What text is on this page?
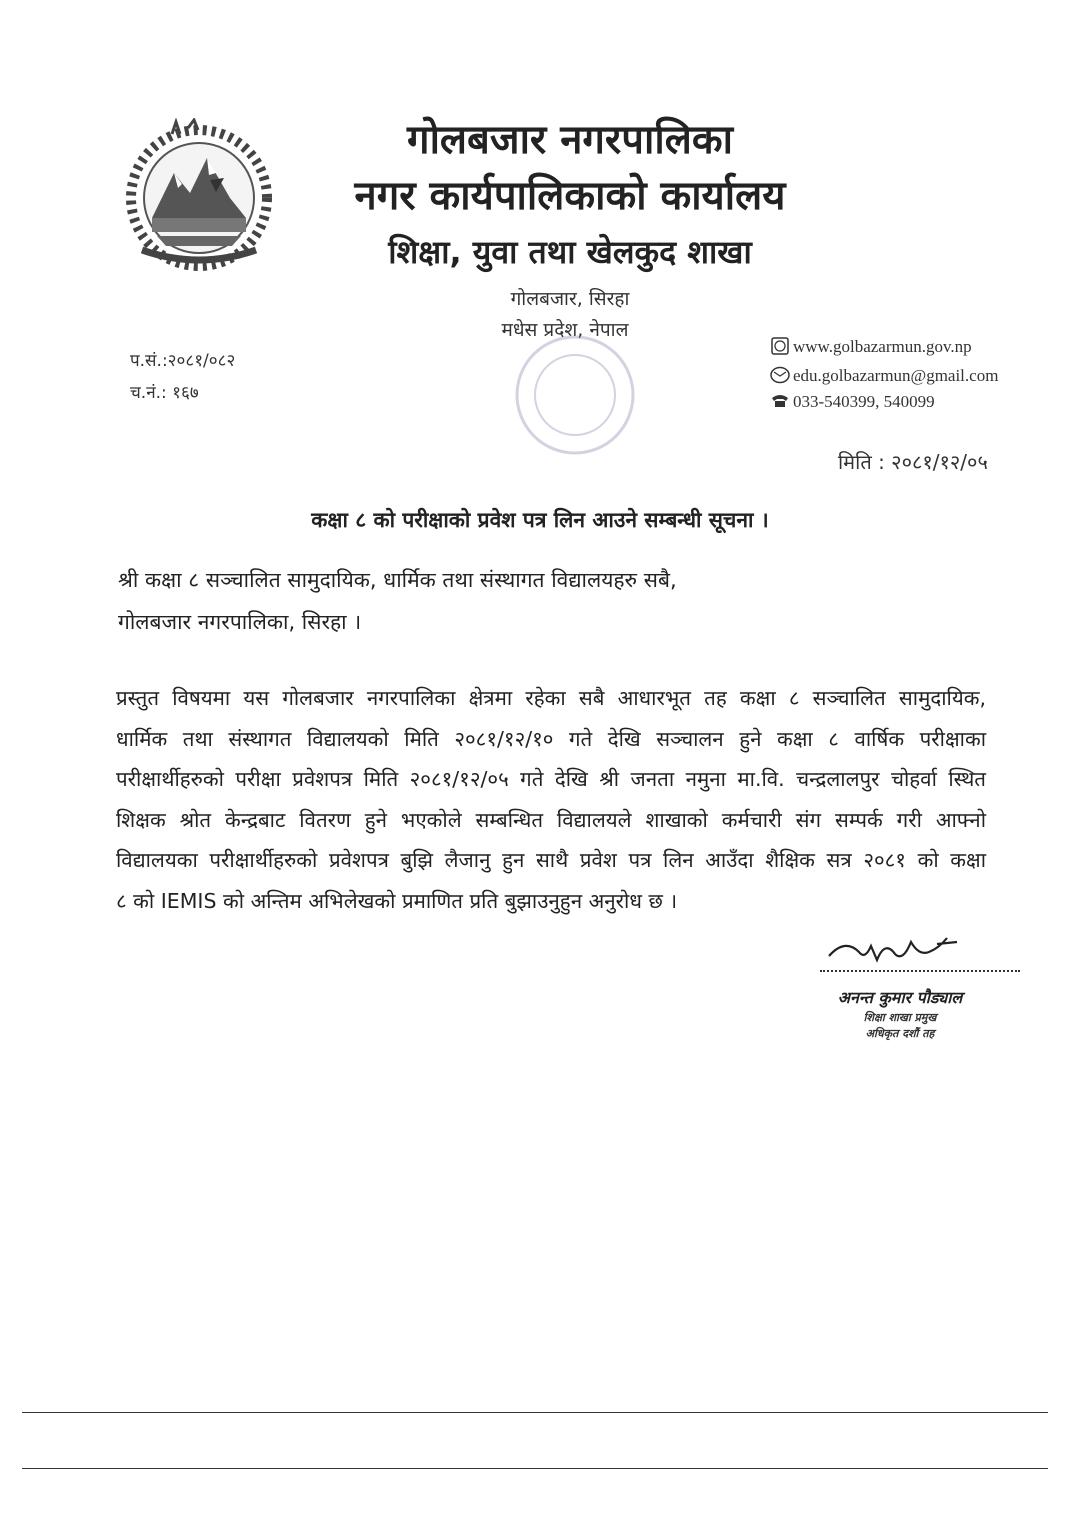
गोलबजार नगरपालिका
नगर कार्यपालिकाको कार्यालय
शिक्षा, युवा तथा खेलकुद शाखा
गोलबजार, सिरहा
मधेस प्रदेश, नेपाल
प.सं.:२०८१/०८२
च.नं.: १६७
www.golbazarmun.gov.np
edu.golbazarmun@gmail.com
033-540399, 540099
मिति : २०८१/१२/०५
कक्षा ८ को परीक्षाको प्रवेश पत्र लिन आउने सम्बन्धी सूचना ।
श्री कक्षा ८ सञ्चालित सामुदायिक, धार्मिक तथा संस्थागत विद्यालयहरु सबै,
गोलबजार नगरपालिका, सिरहा ।
प्रस्तुत विषयमा यस गोलबजार नगरपालिका क्षेत्रमा रहेका सबै आधारभूत तह कक्षा ८ सञ्चालित सामुदायिक,
धार्मिक तथा संस्थागत विद्यालयको मिति २०८१/१२/१० गते देखि सञ्चालन हुने कक्षा ८ वार्षिक परीक्षाका
परीक्षार्थीहरुको परीक्षा प्रवेशपत्र मिति २०८१/१२/०५ गते देखि श्री जनता नमुना मा.वि. चन्द्रलालपुर चोहर्वा स्थित
शिक्षक श्रोत केन्द्रबाट वितरण हुने भएकोले सम्बन्धित विद्यालयले शाखाको कर्मचारी संग सम्पर्क गरी आफ्नो
विद्यालयका परीक्षार्थीहरुको प्रवेशपत्र बुझि लैजानु हुन साथै प्रवेश पत्र लिन आउँदा शैक्षिक सत्र २०८१ को कक्षा
८ को IEMIS को अन्तिम अभिलेखको प्रमाणित प्रति बुझाउनुहुन अनुरोध छ ।
अनन्त कुमार पौड्याल
शिक्षा शाखा प्रमुख
अधिकृत दशौं तह
